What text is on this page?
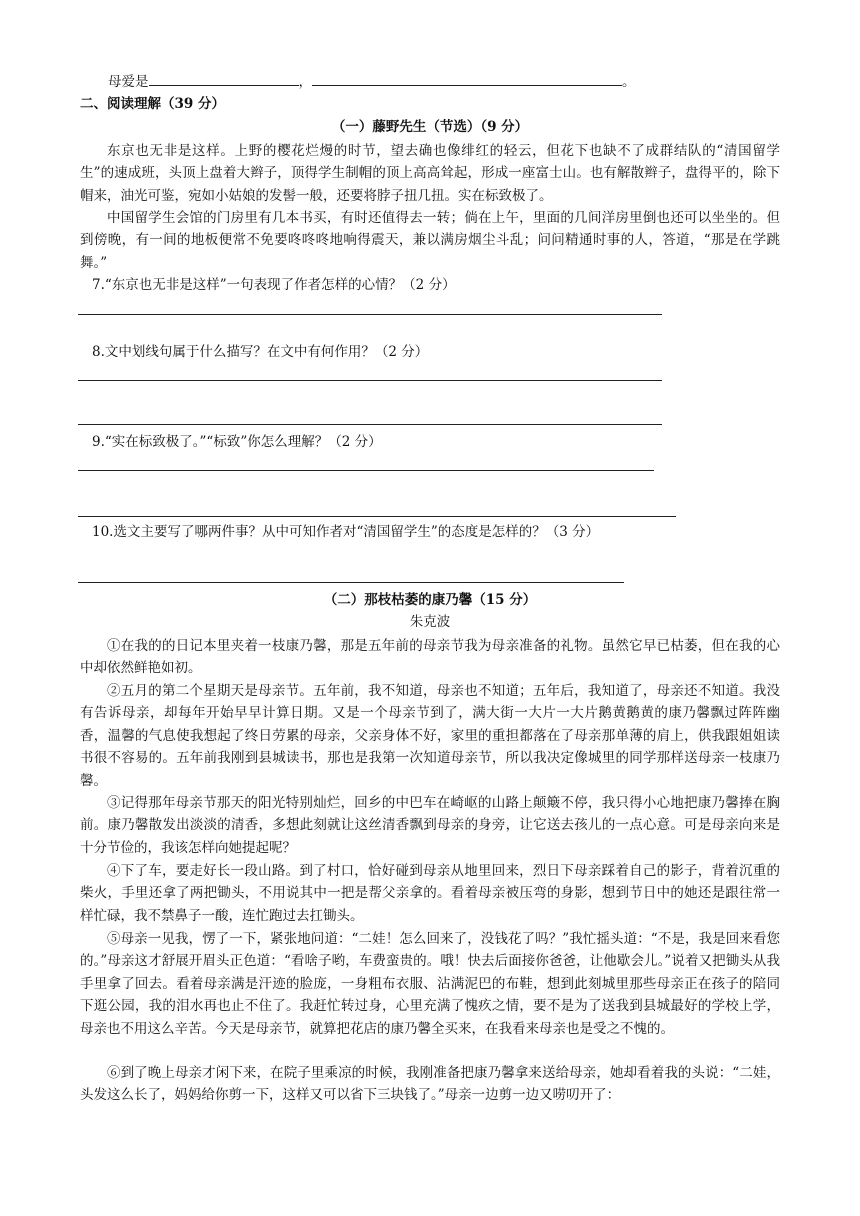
母爱是	，	。
二、阅读理解（39 分）
（一）藤野先生（节选）（9 分）

东京也无非是这样。上野的樱花烂熳的时节，望去确也像绯红的轻云，但花下也缺不了成群结队的“清国留学生”的速成班，头顶上盘着大辫子，顶得学生制帽的顶上高高耸起，形成一座富士山。也有解散辫子，盘得平的，除下帽来，油光可鉴，宛如小姑娘的发髻一般，还要将脖子扭几扭。实在标致极了。

中国留学生会馆的门房里有几本书买，有时还值得去一转；倘在上午，里面的几间洋房里倒也还可以坐坐的。但到傍晚，有一间的地板便常不免要咚咚咚地响得震天，兼以满房烟尘斗乱；问问精通时事的人，答道，“那是在学跳舞。”

7.“东京也无非是这样”一句表现了作者怎样的心情？（2 分）
8.文中划线句属于什么描写？在文中有何作用？（2 分）
9.“实在标致极了。”“标致”你怎么理解？（2 分）
10.选文主要写了哪两件事？从中可知作者对“清国留学生”的态度是怎样的？（3 分）
（二）那枝枯萎的康乃馨（15 分）
朱克波

①在我的的日记本里夹着一枝康乃馨，那是五年前的母亲节我为母亲准备的礼物。虽然它早已枯萎，但在我的心中却依然鲜艳如初。

②五月的第二个星期天是母亲节。五年前，我不知道，母亲也不知道；五年后，我知道了，母亲还不知道。我没有告诉母亲，却每年开始早早计算日期。又是一个母亲节到了，满大街一大片一大片鹅黄鹅黄的康乃馨飘过阵阵幽香，温馨的气息使我想起了终日劳累的母亲，父亲身体不好，家里的重担都落在了母亲那单薄的肩上，供我跟姐姐读书很不容易的。五年前我刚到县城读书，那也是我第一次知道母亲节，所以我决定像城里的同学那样送母亲一枝康乃馨。

③记得那年母亲节那天的阳光特别灿烂，回乡的中巴车在崎岖的山路上颠簸不停，我只得小心地把康乃馨捧在胸前。康乃馨散发出淡淡的清香，多想此刻就让这丝清香飘到母亲的身旁，让它送去孩儿的一点心意。可是母亲向来是十分节俭的，我该怎样向她提起呢？

④下了车，要走好长一段山路。到了村口，恰好碰到母亲从地里回来，烈日下母亲踩着自己的影子，背着沉重的柴火，手里还拿了两把锄头，不用说其中一把是帮父亲拿的。看着母亲被压弯的身影，想到节日中的她还是跟往常一样忙碌，我不禁鼻子一酸，连忙跑过去扛锄头。

⑤母亲一见我，愣了一下，紧张地问道：“二娃！怎么回来了，没钱花了吗？”我忙摇头道：“不是，我是回来看您的。”母亲这才舒展开眉头正色道：“看啥子哟，车费蛮贵的。哦！快去后面接你爸爸，让他歇会儿。”说着又把锄头从我手里拿了回去。看着母亲满是汗迹的脸庞，一身粗布衣服、沾满泥巴的布鞋，想到此刻城里那些母亲正在孩子的陪同下逛公园，我的泪水再也止不住了。我赶忙转过身，心里充满了愧疚之情，要不是为了送我到县城最好的学校上学，母亲也不用这么辛苦。今天是母亲节，就算把花店的康乃馨全买来，在我看来母亲也是受之不愧的。

⑥到了晚上母亲才闲下来，在院子里乘凉的时候，我刚准备把康乃馨拿来送给母亲，她却看着我的头说：“二娃，头发这么长了，妈妈给你剪一下，这样又可以省下三块钱了。”母亲一边剪一边又唠叨开了：
